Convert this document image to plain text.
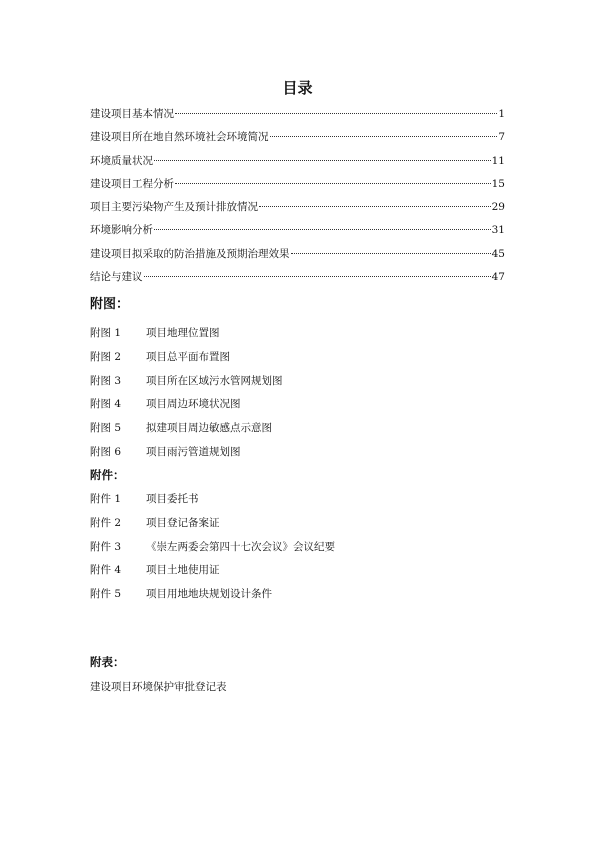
目录
建设项目基本情况	1
建设项目所在地自然环境社会环境简况	7
环境质量状况	11
建设项目工程分析	15
项目主要污染物产生及预计排放情况	29
环境影响分析	31
建设项目拟采取的防治措施及预期治理效果	45
结论与建议	47
附图：
附图 1 项目地理位置图
附图 2 项目总平面布置图
附图 3 项目所在区域污水管网规划图
附图 4 项目周边环境状况图
附图 5 拟建项目周边敏感点示意图
附图 6 项目雨污管道规划图
附件：
附件 1 项目委托书
附件 2 项目登记备案证
附件 3 《崇左两委会第四十七次会议》会议纪要
附件 4 项目土地使用证
附件 5 项目用地地块规划设计条件
附表：
建设项目环境保护审批登记表
